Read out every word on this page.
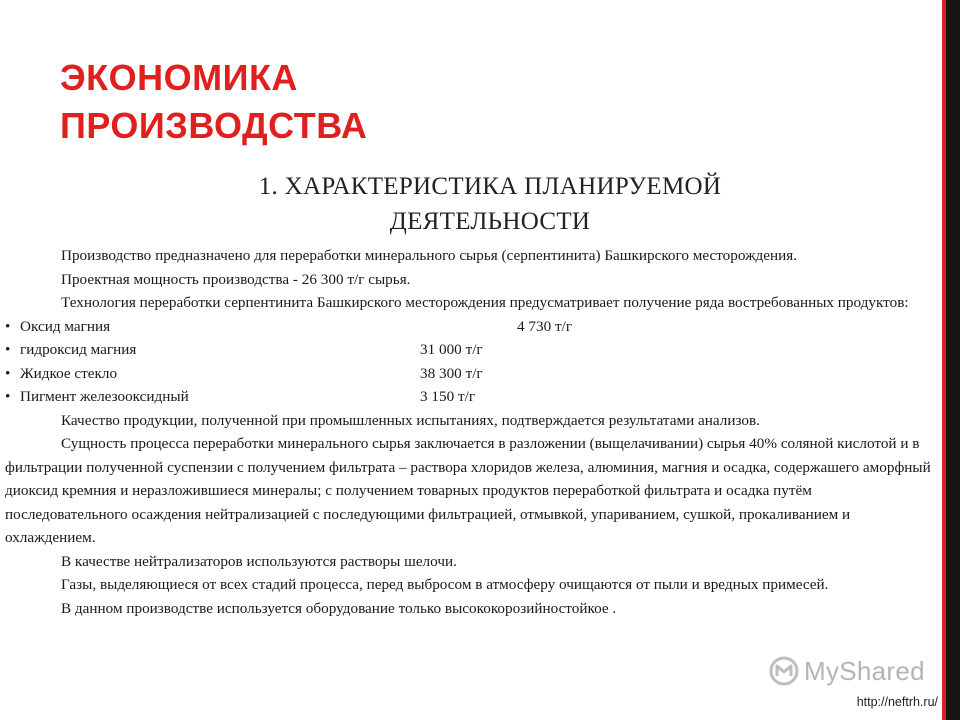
ЭКОНОМИКА
ПРОИЗВОДСТВА
1. ХАРАКТЕРИСТИКА ПЛАНИРУЕМОЙ
ДЕЯТЕЛЬНОСТИ

Производство предназначено для переработки минерального сырья (серпентинита) Башкирского месторождения.

Проектная мощность производства - 26 300 т/г сырья.

Технология переработки серпентинита Башкирского месторождения предусматривает получение ряда востребованных продуктов:

• Оксид магния	4 730 т/г
• гидроксид магния	31 000 т/г
• Жидкое стекло	38 300 т/г
• Пигмент железооксидный	3 150 т/г

Качество продукции, полученной при промышленных испытаниях, подтверждается результатами анализов.

Сущность процесса переработки минерального сырья заключается в разложении (выщелачивании) сырья 40% соляной кислотой и в фильтрации полученной суспензии с получением фильтрата – раствора хлоридов железа, алюминия, магния и осадка, содержашего аморфный диоксид кремния и неразложившиеся минералы; с получением товарных продуктов переработкой фильтрата и осадка путём последовательного осаждения нейтрализацией с последующими фильтрацией, отмывкой, упариванием, сушкой, прокаливанием и охлаждением.

В качестве нейтрализаторов используются растворы шелочи.

Газы, выделяющиеся от всех стадий процесса, перед выбросом в атмосферу очищаются от пыли и вредных примесей.

В данном производстве используется оборудование только высококорозийностойкое .

MyShared
http://neftrh.ru/
